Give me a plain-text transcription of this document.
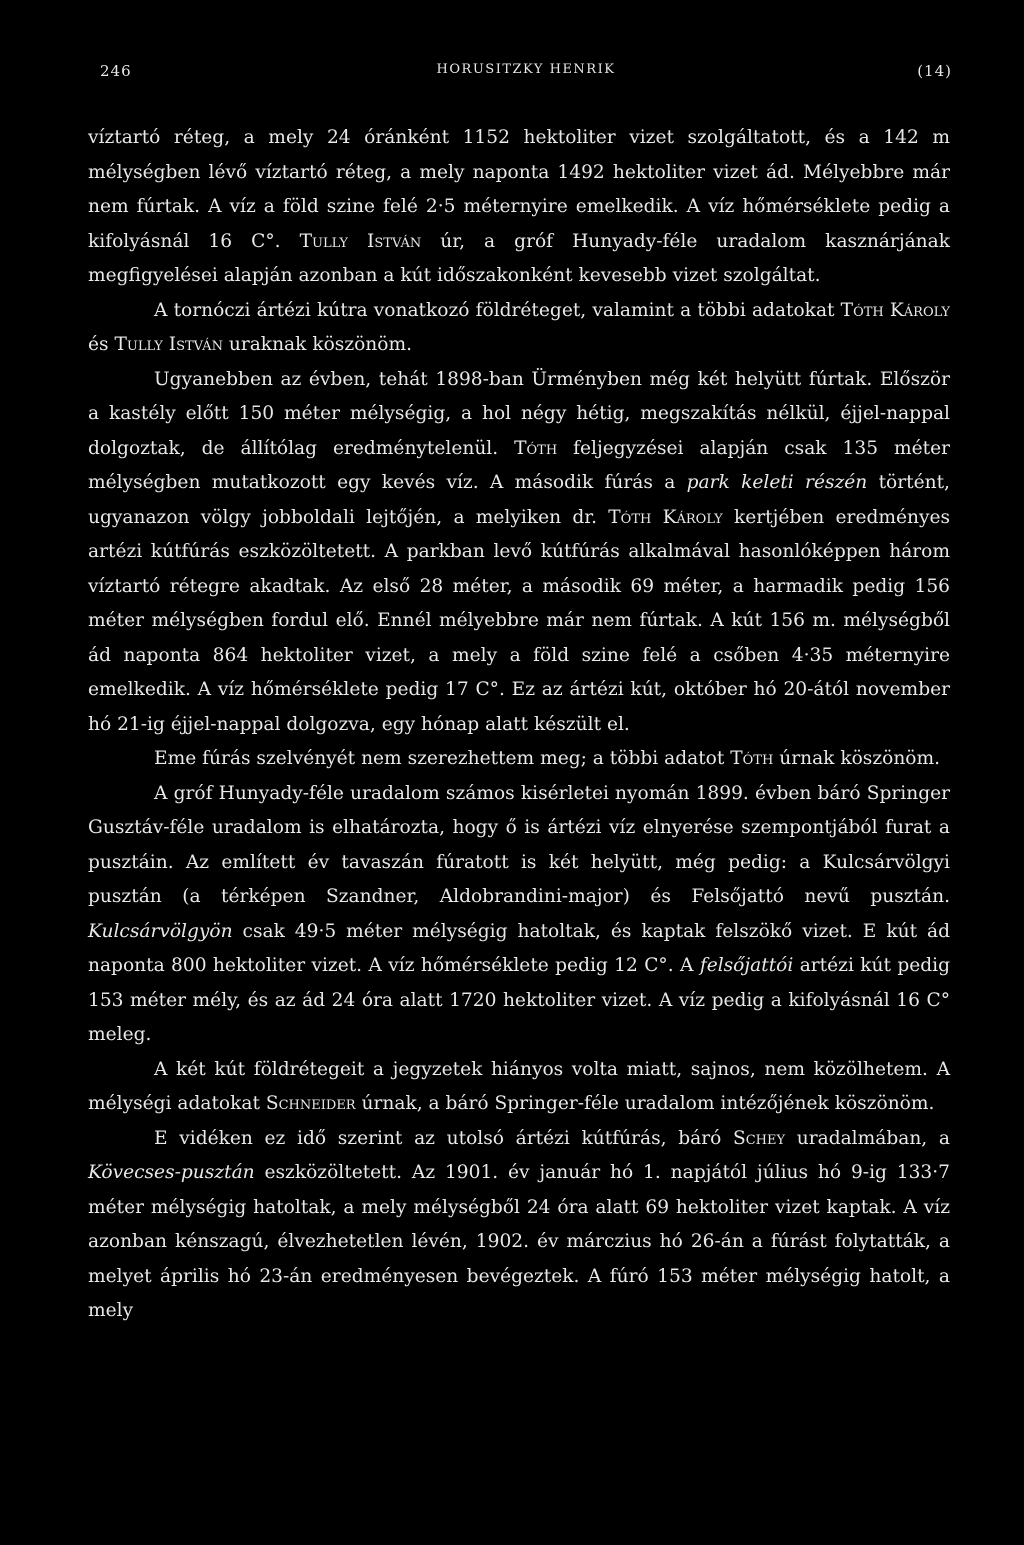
246	HORUSITZKY HENRIK	(14)

víztartó réteg, a mely 24 óránként 1152 hektoliter vizet szolgáltatott, és a 142 m mélységben lévő víztartó réteg, a mely naponta 1492 hektoliter vizet ád. Mélyebbre már nem fúrtak. A víz a föld szine felé 2·5 méternyire emelkedik. A víz hőmérséklete pedig a kifolyásnál 16 C°. Tully István úr, a gróf Hunyady-féle uradalom kasznárjának megfigyelései alapján azonban a kút időszakonként kevesebb vizet szolgáltat.

A tornóczi ártézi kútra vonatkozó földréteget, valamint a többi adatokat Tóth Károly és Tully István uraknak köszönöm.

Ugyanebben az évben, tehát 1898-ban Ürményben még két helyütt fúrtak. Először a kastély előtt 150 méter mélységig, a hol négy hétig, megszakítás nélkül, éjjel-nappal dolgoztak, de állítólag eredménytelenül. Tóth feljegyzései alapján csak 135 méter mélységben mutatkozott egy kevés víz. A második fúrás a park keleti részén történt, ugyanazon völgy jobboldali lejtőjén, a melyiken dr. Tóth Károly kertjében eredményes artézi kútfúrás eszközöltetett. A parkban levő kútfúrás alkalmával hasonlóképpen három víztartó rétegre akadtak. Az első 28 méter, a második 69 méter, a harmadik pedig 156 méter mélységben fordul elő. Ennél mélyebbre már nem fúrtak. A kút 156 m. mélységből ád naponta 864 hektoliter vizet, a mely a föld szine felé a csőben 4·35 méternyire emelkedik. A víz hőmérséklete pedig 17 C°. Ez az ártézi kút, október hó 20-ától november hó 21-ig éjjel-nappal dolgozva, egy hónap alatt készült el.

Eme fúrás szelvényét nem szerezhettem meg; a többi adatot Tóth úrnak köszönöm.

A gróf Hunyady-féle uradalom számos kisérletei nyomán 1899. évben báró Springer Gusztáv-féle uradalom is elhatározta, hogy ő is ártézi víz elnyerése szempontjából furat a pusztáin. Az említett év tavaszán fúratott is két helyütt, még pedig: a Kulcsárvölgyi pusztán (a térképen Szandner, Aldobrandini-major) és Felsőjattó nevű pusztán. Kulcsárvölgyön csak 49·5 méter mélységig hatoltak, és kaptak felszökő vizet. E kút ád naponta 800 hektoliter vizet. A víz hőmérséklete pedig 12 C°. A felsőjattói artézi kút pedig 153 méter mély, és az ád 24 óra alatt 1720 hektoliter vizet. A víz pedig a kifolyásnál 16 C° meleg.

A két kút földrétegeit a jegyzetek hiányos volta miatt, sajnos, nem közölhetem. A mélységi adatokat Schneider úrnak, a báró Springer-féle uradalom intézőjének köszönöm.

E vidéken ez idő szerint az utolsó ártézi kútfúrás, báró Schey uradalmában, a Kövecses-pusztán eszközöltetett. Az 1901. év január hó 1. napjától július hó 9-ig 133·7 méter mélységig hatoltak, a mely mélységből 24 óra alatt 69 hektoliter vizet kaptak. A víz azonban kénszagú, élvezhetetlen lévén, 1902. év márczius hó 26-án a fúrást folytatták, a melyet április hó 23-án eredményesen bevégeztek. A fúró 153 méter mélységig hatolt, a mely
